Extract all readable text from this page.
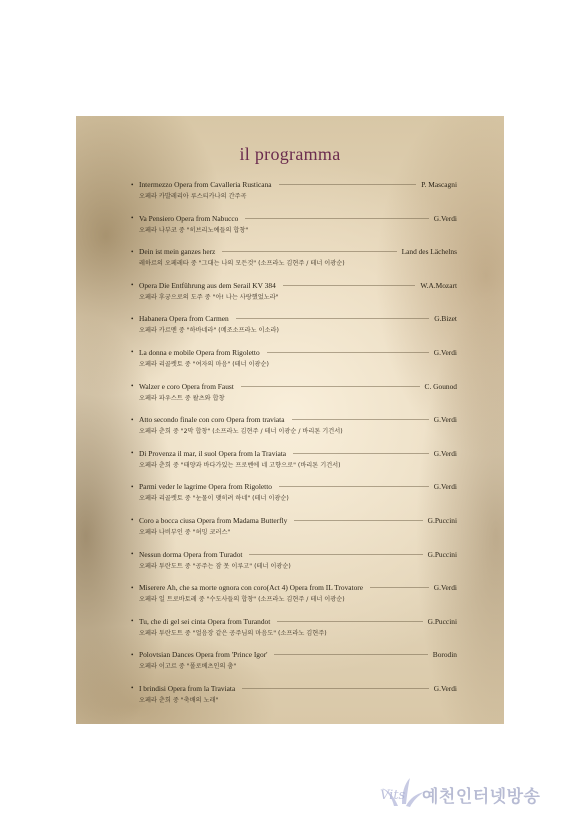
il programma
• Intermezzo Opera from Cavalleria Rusticana	P. Mascagni
오페라 카발레리아 루스티카나의 간주곡
• Va Pensiero Opera from Nabucco	G.Verdi
오페라 나부코 중 "히브리노예들의 합창"
• Dein ist mein ganzes herz	Land des Lächelns
레하르의 오페레타 중 "그대는 나의 모든것" (소프라노 김현주 / 테너 이광순)
• Opera Die Entführung aus dem Serail KV 384	W.A.Mozart
오페라 후궁으로의 도주 중 "아! 나는 사랑했었노라"
• Habanera Opera from Carmen	G.Bizet
오페라 카르멘 중 "하바네라" (메조소프라노 이소라)
• La donna e mobile Opera from Rigoletto	G.Verdi
오페라 리골렛토 중 "여자의 마음" (테너 이광순)
• Walzer e coro Opera from Faust	C. Gounod
오페라 파우스트 중 왈츠와 합창
• Atto secondo finale con coro Opera from traviata	G.Verdi
오페라 춘희 중 "2막 합창" (소프라노 김현주 / 테너 이광순 / 바리톤 기건서)
• Di Provenza il mar, il suol Opera from la Traviata	G.Verdi
오페라 춘희 중 "태양과 바다가있는 프로벤에 네 고향으로" (바리톤 기건서)
• Parmi veder le lagrime Opera from Rigoletto	G.Verdi
오페라 리골렛토 중 "눈물이 맺히려 하네" (테너 이광순)
• Coro a bocca ciusa Opera from Madama Butterfly	G.Puccini
오페라 나비부인 중 "허밍 코러스"
• Nessun dorma Opera from Turadot	G.Puccini
오페라 투란도트 중 "공주는 잠 못 이루고" (테너 이광순)
• Miserere Ah, che sa morte ognora con coro(Act 4) Opera from IL Trovatore	G.Verdi
오페라 일 트로바토레 중 "수도사들의 합창" (소프라노 김현주 / 테너 이광순)
• Tu, che di gel sei cinta Opera from Turandot	G.Puccini
오페라 투란도트 중 "얼음장 같은 공주님의 마음도" (소프라노 김현주)
• Polovtsian Dances Opera from 'Prince Igor'	Borodin
오페라 이고르 중 "폴로베츠인의 춤"
• I brindisi Opera from la Traviata	G.Verdi
오페라 춘희 중 "축배의 노래"
Vits 예천인터넷방송
